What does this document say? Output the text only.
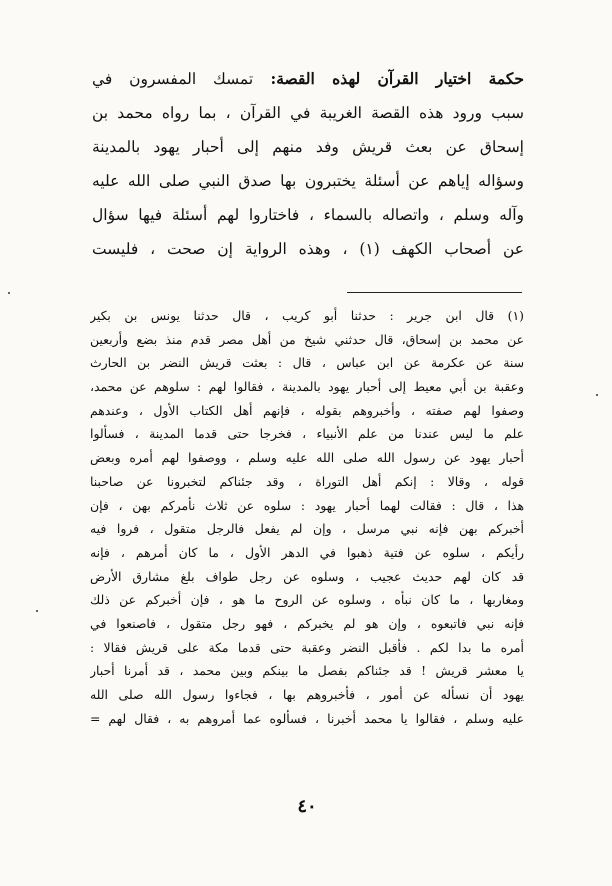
حكمة اختيار القرآن لهذه القصة: تمسك المفسرون في
سبب ورود هذه القصة الغريبة في القرآن ، بما رواه محمد بن
إسحاق عن بعث قريش وفد منهم إلى أحبار يهود بالمدينة
وسؤاله إياهم عن أسئلة يختبرون بها صدق النبي صلى الله عليه
وآله وسلم ، واتصاله بالسماء ، فاختاروا لهم أسئلة فيها سؤال
عن أصحاب الكهف (١) ، وهذه الرواية إن صحت ، فليست
(١) قال ابن جرير : حدثنا أبو كريب ، قال حدثنا يونس بن بكير
عن محمد بن إسحاق، قال حدثني شيخ من أهل مصر قدم منذ بضع وأربعين
سنة عن عكرمة عن ابن عباس ، قال : بعثت قريش النضر بن الحارث
وعقبة بن أبي معيط إلى أحبار يهود بالمدينة ، فقالوا لهم : سلوهم عن محمد،
وصفوا لهم صفته ، وأخبروهم بقوله ، فإنهم أهل الكتاب الأول ، وعندهم
علم ما ليس عندنا من علم الأنبياء ، فخرجا حتى قدما المدينة ، فسألوا
أحبار يهود عن رسول الله صلى الله عليه وسلم ، ووصفوا لهم أمره وبعض
قوله ، وقالا : إنكم أهل التوراة ، وقد جئناكم لتخبرونا عن صاحبنا
هذا ، قال : فقالت لهما أحبار يهود : سلوه عن ثلاث نأمركم بهن ، فإن
أخبركم بهن فإنه نبي مرسل ، وإن لم يفعل فالرجل متقول ، فروا فيه
رأيكم ، سلوه عن فتية ذهبوا في الدهر الأول ، ما كان أمرهم ، فإنه
قد كان لهم حديث عجيب ، وسلوه عن رجل طواف بلغ مشارق الأرض
ومغاربها ، ما كان نبأه ، وسلوه عن الروح ما هو ، فإن أخبركم عن ذلك
فإنه نبي فاتبعوه ، وإن هو لم يخبركم ، فهو رجل متقول ، فاصنعوا في
أمره ما بدا لكم . فأقبل النضر وعقبة حتى قدما مكة على قريش فقالا :
يا معشر قريش ! قد جئناكم بفصل ما بينكم وبين محمد ، قد أمرنا أحبار
يهود أن نسأله عن أمور ، فأخبروهم بها ، فجاءوا رسول الله صلى الله
عليه وسلم ، فقالوا يا محمد أخبرنا ، فسألوه عما أمروهم به ، فقال لهم =
٤٠
